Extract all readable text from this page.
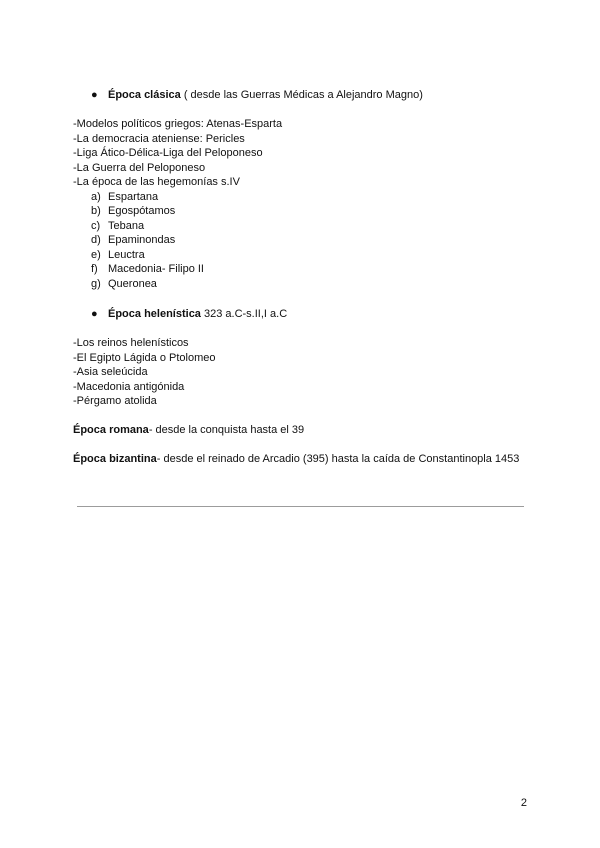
● Época clásica ( desde las Guerras Médicas a Alejandro Magno)
-Modelos políticos griegos: Atenas-Esparta
-La democracia ateniense: Pericles
-Liga Ático-Délica-Liga del Peloponeso
-La Guerra del Peloponeso
-La época de las hegemonías s.IV
a) Espartana
b) Egospótamos
c) Tebana
d) Epaminondas
e) Leuctra
f) Macedonia- Filipo II
g) Queronea
● Época helenística 323 a.C-s.II,I a.C
-Los reinos helenísticos
-El Egipto Lágida o Ptolomeo
-Asia seleúcida
-Macedonia antigónida
-Pérgamo atolida
Época romana- desde la conquista hasta el 39
Época bizantina- desde el reinado de Arcadio (395) hasta la caída de Constantinopla 1453
2
